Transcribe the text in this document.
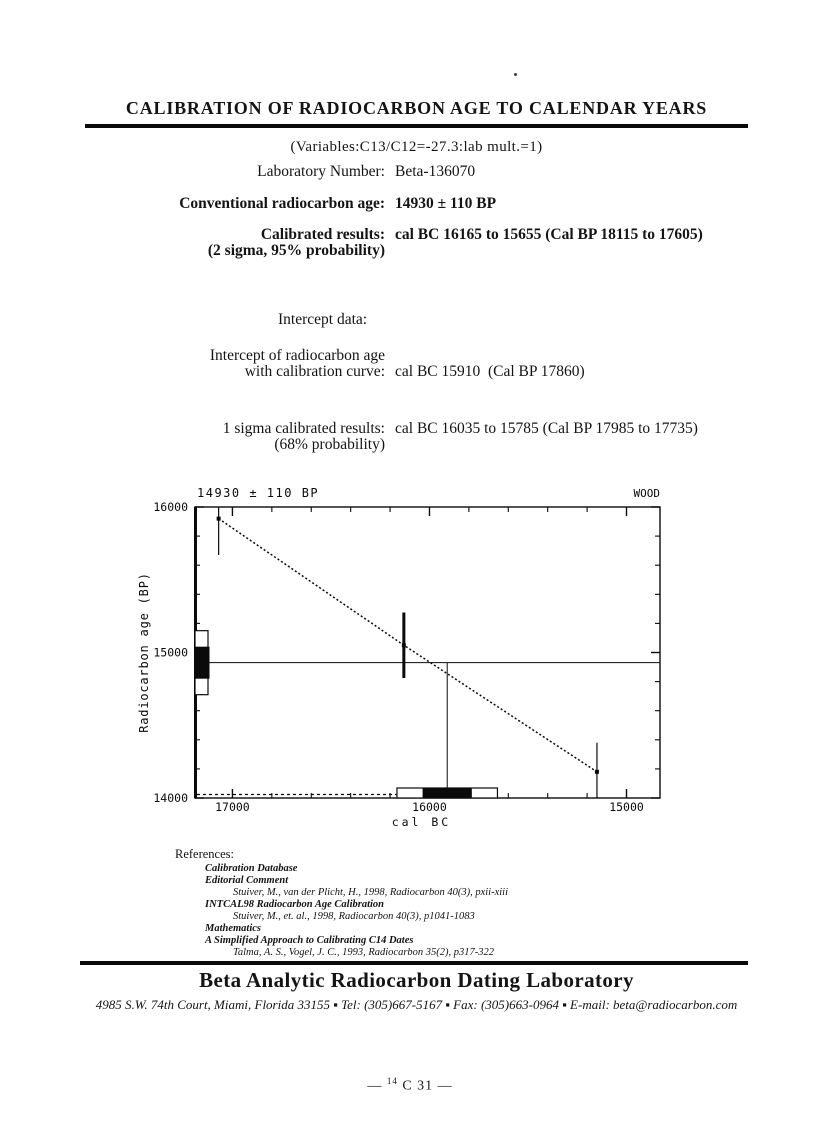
CALIBRATION OF RADIOCARBON AGE TO CALENDAR YEARS
(Variables:C13/C12=-27.3:lab mult.=1)
Laboratory Number: Beta-136070
Conventional radiocarbon age: 14930 ± 110 BP
Calibrated results:
(2 sigma, 95% probability)
cal BC 16165 to 15655 (Cal BP 18115 to 17605)
Intercept data:
Intercept of radiocarbon age
with calibration curve: cal BC 15910  (Cal BP 17860)
1 sigma calibrated results:
(68% probability)
cal BC 16035 to 15785 (Cal BP 17985 to 17735)
17000	16000	15000
16000
15000
14000
14930 ± 110 BP	WOOD
cal BC
Radiocarbon age (BP)
References:
Calibration Database
Editorial Comment
Stuiver, M., van der Plicht, H., 1998, Radiocarbon 40(3), pxii-xiii
INTCAL98 Radiocarbon Age Calibration
Stuiver, M., et. al., 1998, Radiocarbon 40(3), p1041-1083
Mathematics
A Simplified Approach to Calibrating C14 Dates
Talma, A. S., Vogel, J. C., 1993, Radiocarbon 35(2), p317-322
Beta Analytic Radiocarbon Dating Laboratory
4985 S.W. 74th Court, Miami, Florida 33155 ▪ Tel: (305)667-5167 ▪ Fax: (305)663-0964 ▪ E-mail: beta@radiocarbon.com
— $^{14}$ C 31 —
